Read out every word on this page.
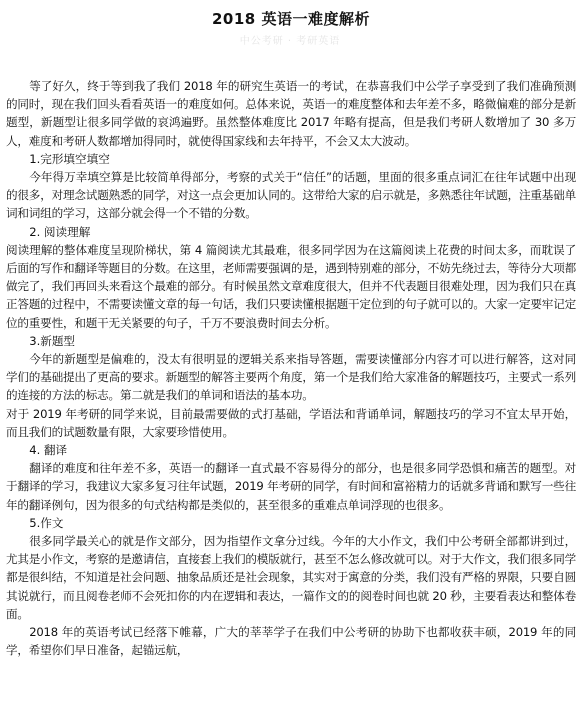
2018 英语一难度解析
中公考研 · 考研英语

等了好久，终于等到我了我们 2018 年的研究生英语一的考试，在恭喜我们中公学子享受到了我们准确预测的同时，现在我们回头看看英语一的难度如何。总体来说，英语一的难度整体和去年差不多，略微偏难的部分是新题型，新题型让很多同学做的哀鸿遍野。虽然整体难度比 2017 年略有提高，但是我们考研人数增加了 30 多万人，难度和考研人数都增加得同时，就使得国家线和去年持平，不会又太大波动。

1.完形填空填空

今年得万幸填空算是比较简单得部分，考察的式关于“信任”的话题，里面的很多重点词汇在往年试题中出现的很多，对理念试题熟悉的同学，对这一点会更加认同的。这带给大家的启示就是，多熟悉往年试题，注重基础单词和词组的学习，这部分就会得一个不错的分数。

2. 阅读理解

阅读理解的整体难度呈现阶梯状，第 4 篇阅读尤其最难，很多同学因为在这篇阅读上花费的时间太多，而耽误了后面的写作和翻译等题目的分数。在这里，老师需要强调的是，遇到特别难的部分，不妨先绕过去，等待分大项都做完了，我们再回头来看这个最难的部分。有时候虽然文章难度很大，但并不代表题目很难处理，因为我们只在真正答题的过程中，不需要读懂文章的每一句话，我们只要读懂根据题干定位到的句子就可以的。大家一定要牢记定位的重要性，和题干无关紧要的句子，千万不要浪费时间去分析。

3.新题型

今年的新题型是偏难的，没太有很明显的逻辑关系来指导答题，需要读懂部分内容才可以进行解答，这对同学们的基础提出了更高的要求。新题型的解答主要两个角度，第一个是我们给大家准备的解题技巧，主要式一系列的连接的方法的标志。第二就是我们的单词和语法的基本功。

对于 2019 年考研的同学来说，目前最需要做的式打基础，学语法和背诵单词，解题技巧的学习不宜太早开始，而且我们的试题数量有限，大家要珍惜使用。

4. 翻译

翻译的难度和往年差不多，英语一的翻译一直式最不容易得分的部分，也是很多同学恐惧和痛苦的题型。对于翻译的学习，我建议大家多复习往年试题，2019 年考研的同学，有时间和富裕精力的话就多背诵和默写一些往年的翻译例句，因为很多的句式结构都是类似的，甚至很多的重难点单词浮现的也很多。

5.作文

很多同学最关心的就是作文部分，因为指望作文拿分过线。今年的大小作文，我们中公考研全部都讲到过，尤其是小作文，考察的是邀请信，直接套上我们的模版就行，甚至不怎么修改就可以。对于大作文，我们很多同学都是很纠结，不知道是社会问题、抽象品质还是社会现象，其实对于寓意的分类，我们没有严格的界限，只要自圆其说就行，而且阅卷老师不会死扣你的内在逻辑和表达，一篇作文的的阅卷时间也就 20 秒，主要看表达和整体卷面。

2018 年的英语考试已经落下帷幕，广大的莘莘学子在我们中公考研的协助下也都收获丰硕，2019 年的同学，希望你们早日准备，起锚远航，
